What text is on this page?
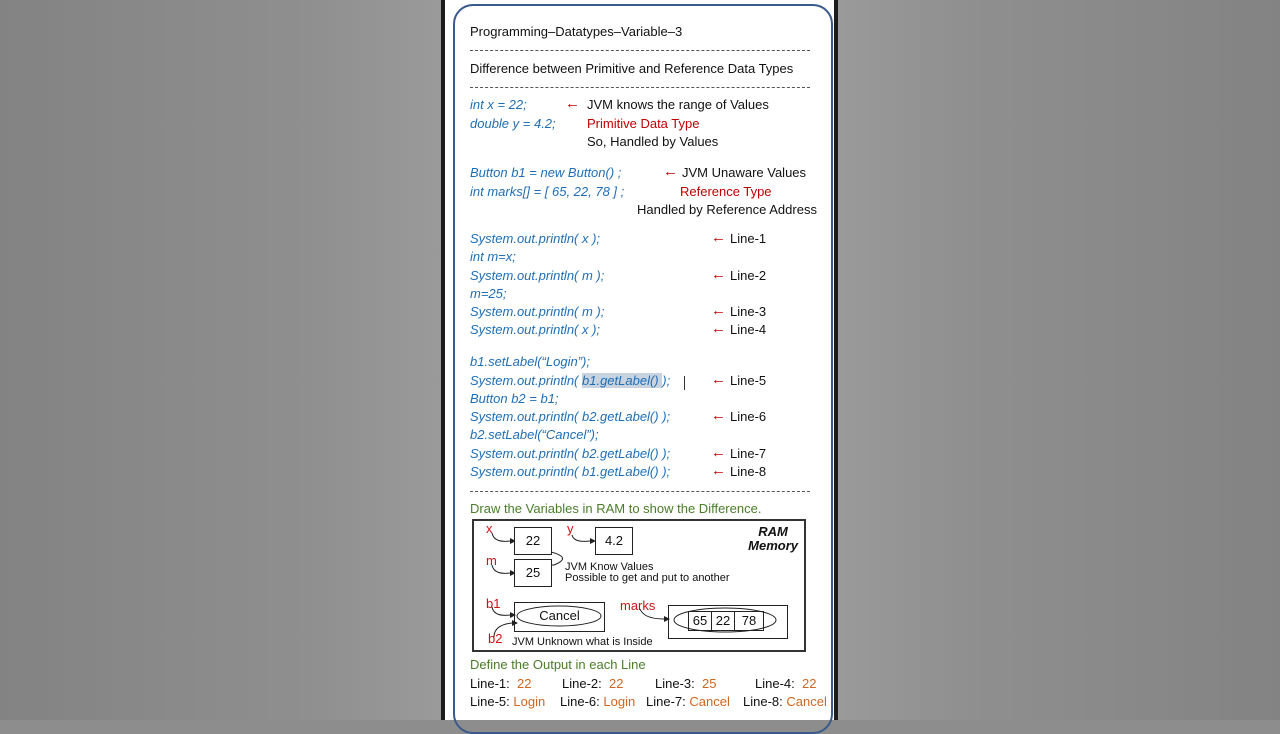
Programming–Datatypes–Variable–3
Difference between Primitive and Reference Data Types
int x = 22;
double y = 4.2;
← JVM knows the range of Values
Primitive Data Type
So, Handled by Values
Button b1 = new Button() ;
int marks[] = [ 65, 22, 78 ] ;
← JVM Unaware Values
Reference Type
Handled by Reference Address
System.out.println( x );
int m=x;
System.out.println( m );
m=25;
System.out.println( m );
System.out.println( x );
← Line-1
← Line-2
← Line-3
← Line-4
b1.setLabel(“Login”);
System.out.println( b1.getLabel() );
Button b2 = b1;
System.out.println( b2.getLabel() );
b2.setLabel(“Cancel”);
System.out.println( b2.getLabel() );
System.out.println( b1.getLabel() );
← Line-5
← Line-6
← Line-7
← Line-8
Draw the Variables in RAM to show the Difference.
RAM
Memory
x
22
y
4.2
m
25	JVM Know Values
Possible to get and put to another
b1
b2
Cancel
marks
65 22 78
JVM Unknown what is Inside
Define the Output in each Line
Line-1: 22 Line-2: 22 Line-3: 25	Line-4: 22
Line-5: Login Line-6: Login Line-7: Cancel Line-8: Cancel
